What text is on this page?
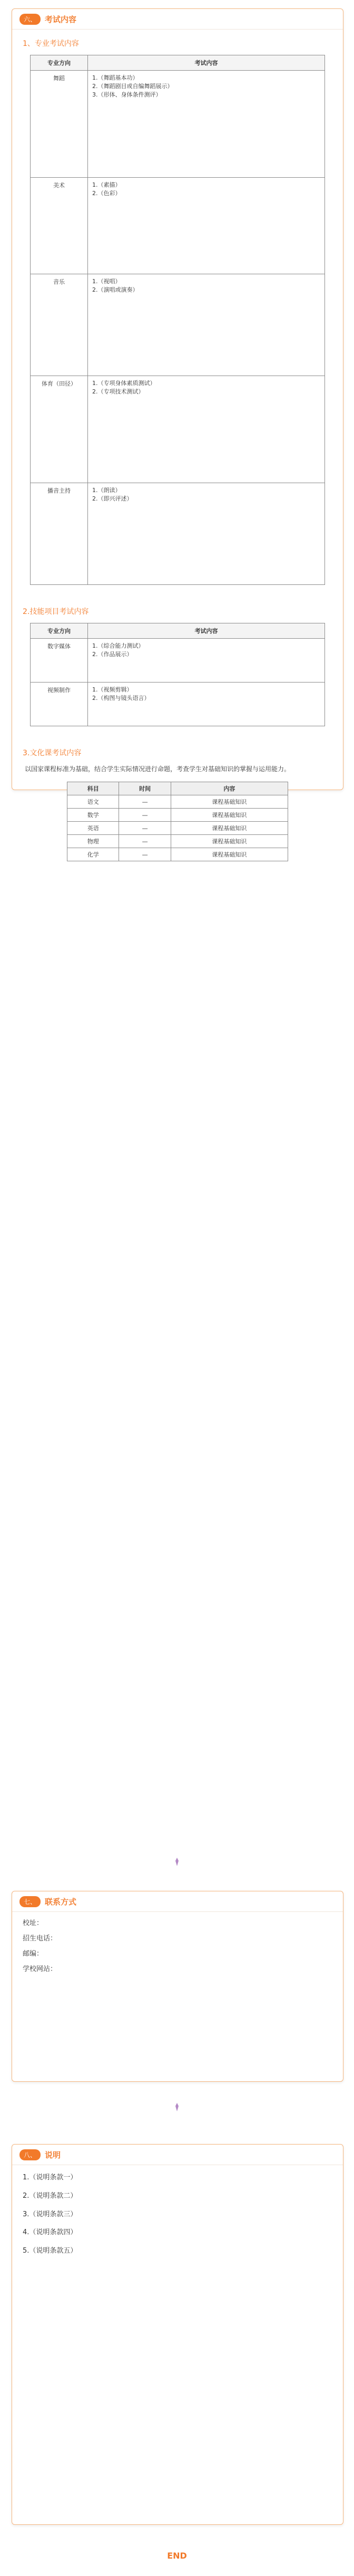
六、	考试内容
1、专业考试内容
专业方向	考试内容
舞蹈	1.（舞蹈基本功）
2.（舞蹈剧目或自编舞蹈展示）
3.（形体、身体条件测评）
美术	1.（素描）
2.（色彩）
音乐	1.（视唱）
2.（演唱或演奏）
体育（田径）	1.（专项身体素质测试）
2.（专项技术测试）
播音主持	1.（朗读）
2.（即兴评述）
2.技能项目考试内容
专业方向	考试内容
数字媒体	1.（综合能力测试）
2.（作品展示）
视频制作	1.（视频剪辑）
2.（构图与镜头语言）
3.文化课考试内容
以国家课程标准为基础，结合学生实际情况进行命题，考查学生对基础知识的掌握与运用能力。
科目	时间	内容
语文	—	课程基础知识
数学	—	课程基础知识
英语	—	课程基础知识
物理	—	课程基础知识
化学	—	课程基础知识
七、	联系方式

校址：

招生电话：

邮编：

学校网站：

八、	说明

1.（说明条款一）

2.（说明条款二）

3.（说明条款三）

4.（说明条款四）

5.（说明条款五）

END
